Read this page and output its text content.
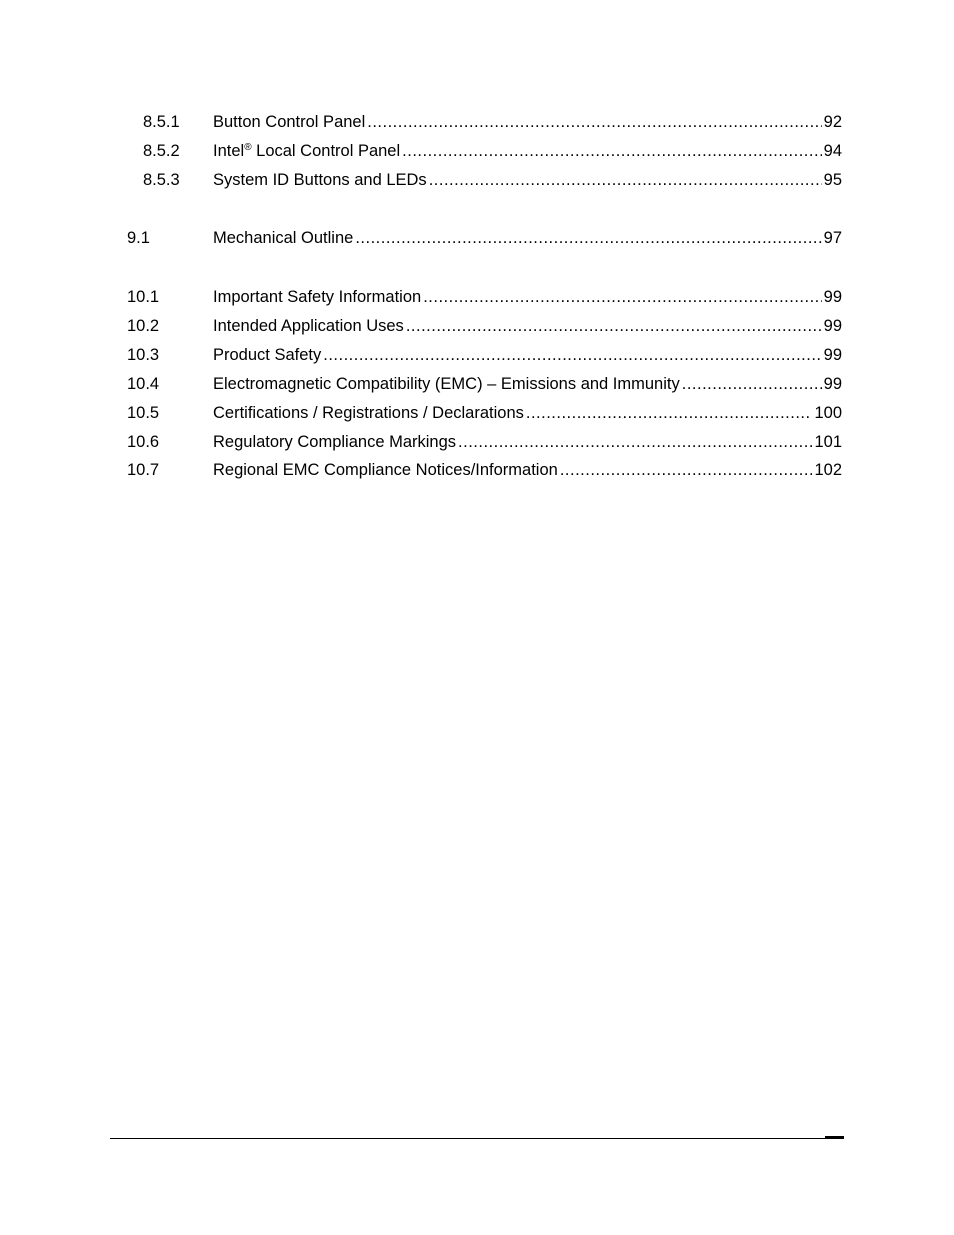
8.5.1 Button Control Panel .....	92
8.5.2 Intel® Local Control Panel .....	94
8.5.3 System ID Buttons and LEDs .....	95
9.1	Mechanical Outline .....	97
10.1	Important Safety Information .....	99
10.2	Intended Application Uses .....	99
10.3	Product Safety .....	99
10.4	Electromagnetic Compatibility (EMC) – Emissions and Immunity .....	99
10.5	Certifications / Registrations / Declarations .....	100
10.6	Regulatory Compliance Markings .....	101
10.7	Regional EMC Compliance Notices/Information .....	102
